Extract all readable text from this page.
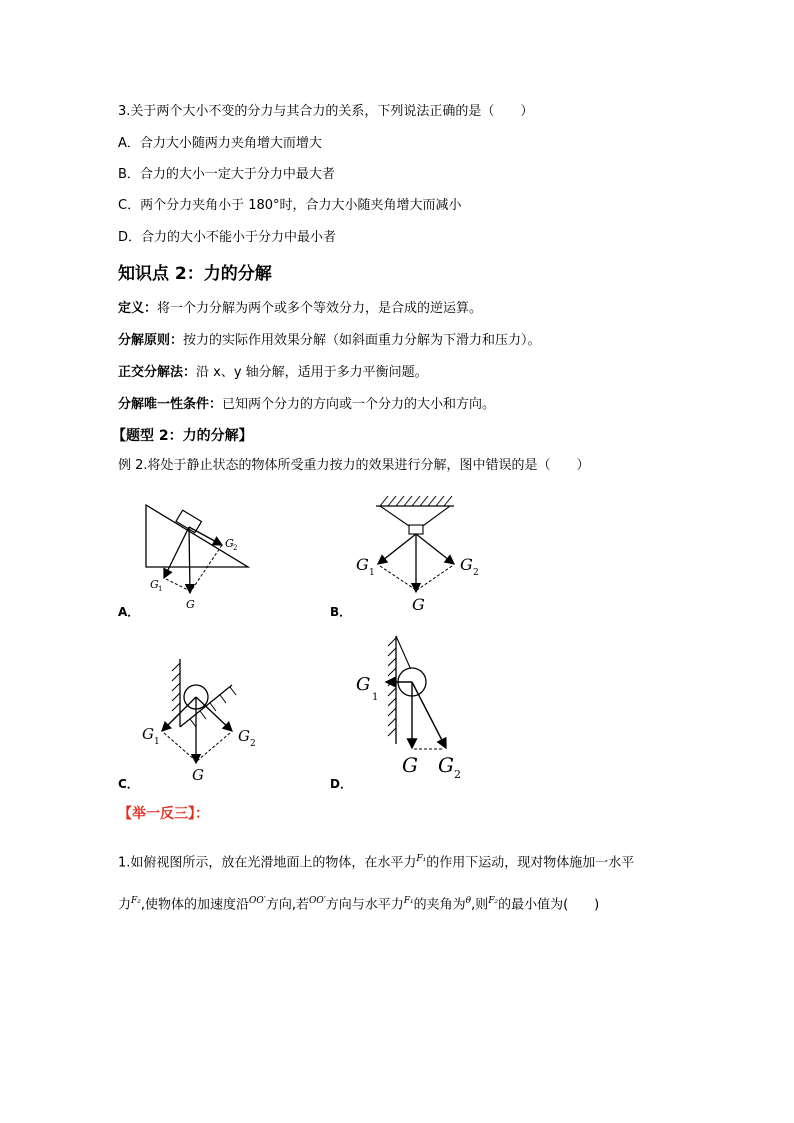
3.关于两个大小不变的分力与其合力的关系，下列说法正确的是（　　）
A．合力大小随两力夹角增大而增大
B．合力的大小一定大于分力中最大者
C．两个分力夹角小于 180°时，合力大小随夹角增大而减小
D．合力的大小不能小于分力中最小者
知识点 2：力的分解
定义：将一个力分解为两个或多个等效分力，是合成的逆运算。
分解原则：按力的实际作用效果分解（如斜面重力分解为下滑力和压力）。
正交分解法：沿 x、y 轴分解，适用于多力平衡问题。
分解唯一性条件：已知两个分力的方向或一个分力的大小和方向。
【题型 2：力的分解】
例 2.将处于静止状态的物体所受重力按力的效果进行分解，图中错误的是（　　）
G 2
G 1
G
A．
G 1	G 2
G
B．
G 1	G 2
G
C．
G
1
G G 2
D．
【举一反三】：
1.如俯视图所示，放在光滑地面上的物体，在水平力$^{F_1}$的作用下运动，现对物体施加一水平
力$^{F_2}$,使物体的加速度沿$^{OO'}$方向,若$^{OO'}$方向与水平力$^{F_1}$的夹角为$^\theta$,则$^{F_2}$的最小值为(　　)
